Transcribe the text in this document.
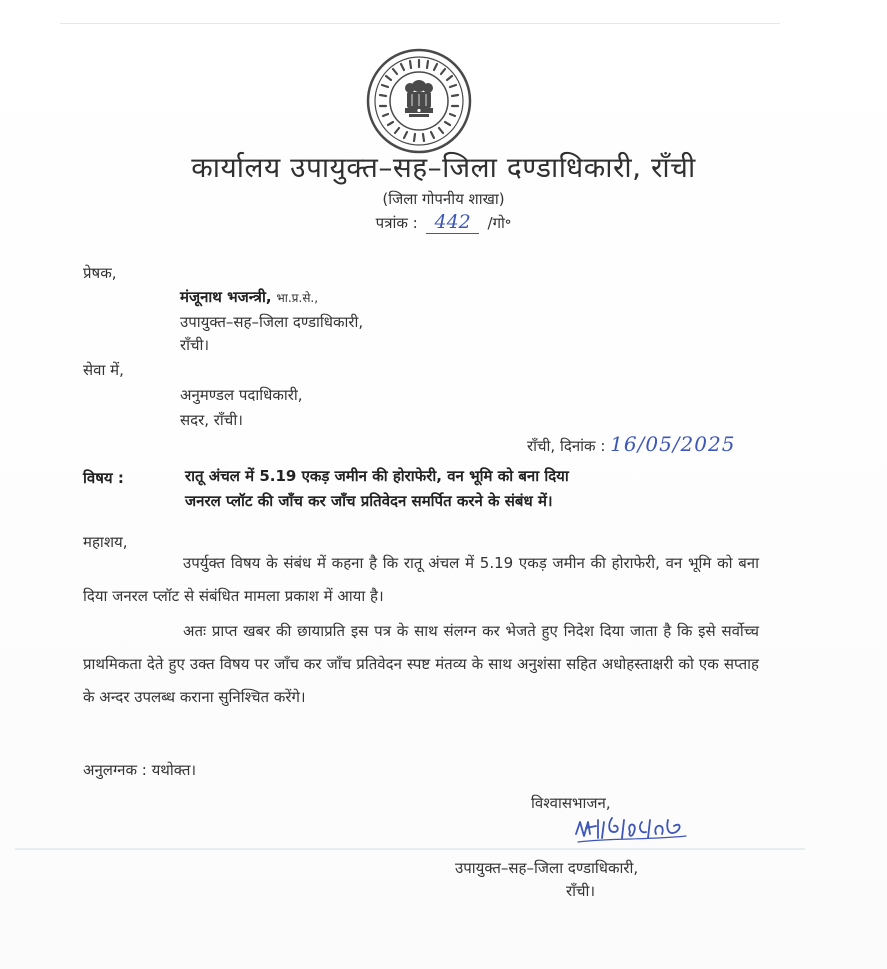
कार्यालय उपायुक्त–सह–जिला दण्डाधिकारी, राँची
(जिला गोपनीय शाखा)
पत्रांक : 442 /गो॰
प्रेषक,
मंजूनाथ भजन्त्री, भा.प्र.से.,
उपायुक्त–सह–जिला दण्डाधिकारी,
राँची।
सेवा में,
अनुमण्डल पदाधिकारी,
सदर, राँची।
राँची, दिनांक : 16/05/2025
विषय :	रातू अंचल में 5.19 एकड़ जमीन की होराफेरी, वन भूमि को बना दिया
जनरल प्लॉट की जाँच कर जाँच प्रतिवेदन समर्पित करने के संबंध में।
महाशय,
उपर्युक्त विषय के संबंध में कहना है कि रातू अंचल में 5.19 एकड़ जमीन की होराफेरी, वन भूमि को बना दिया जनरल प्लॉट से संबंधित मामला प्रकाश में आया है।
अतः प्राप्त खबर की छायाप्रति इस पत्र के साथ संलग्न कर भेजते हुए निदेश दिया जाता है कि इसे सर्वोच्च प्राथमिकता देते हुए उक्त विषय पर जाँच कर जाँच प्रतिवेदन स्पष्ट मंतव्य के साथ अनुशंसा सहित अधोहस्ताक्षरी को एक सप्ताह के अन्दर उपलब्ध कराना सुनिश्चित करेंगे।
अनुलग्नक : यथोक्त।
विश्वासभाजन,
उपायुक्त–सह–जिला दण्डाधिकारी,
राँची।
